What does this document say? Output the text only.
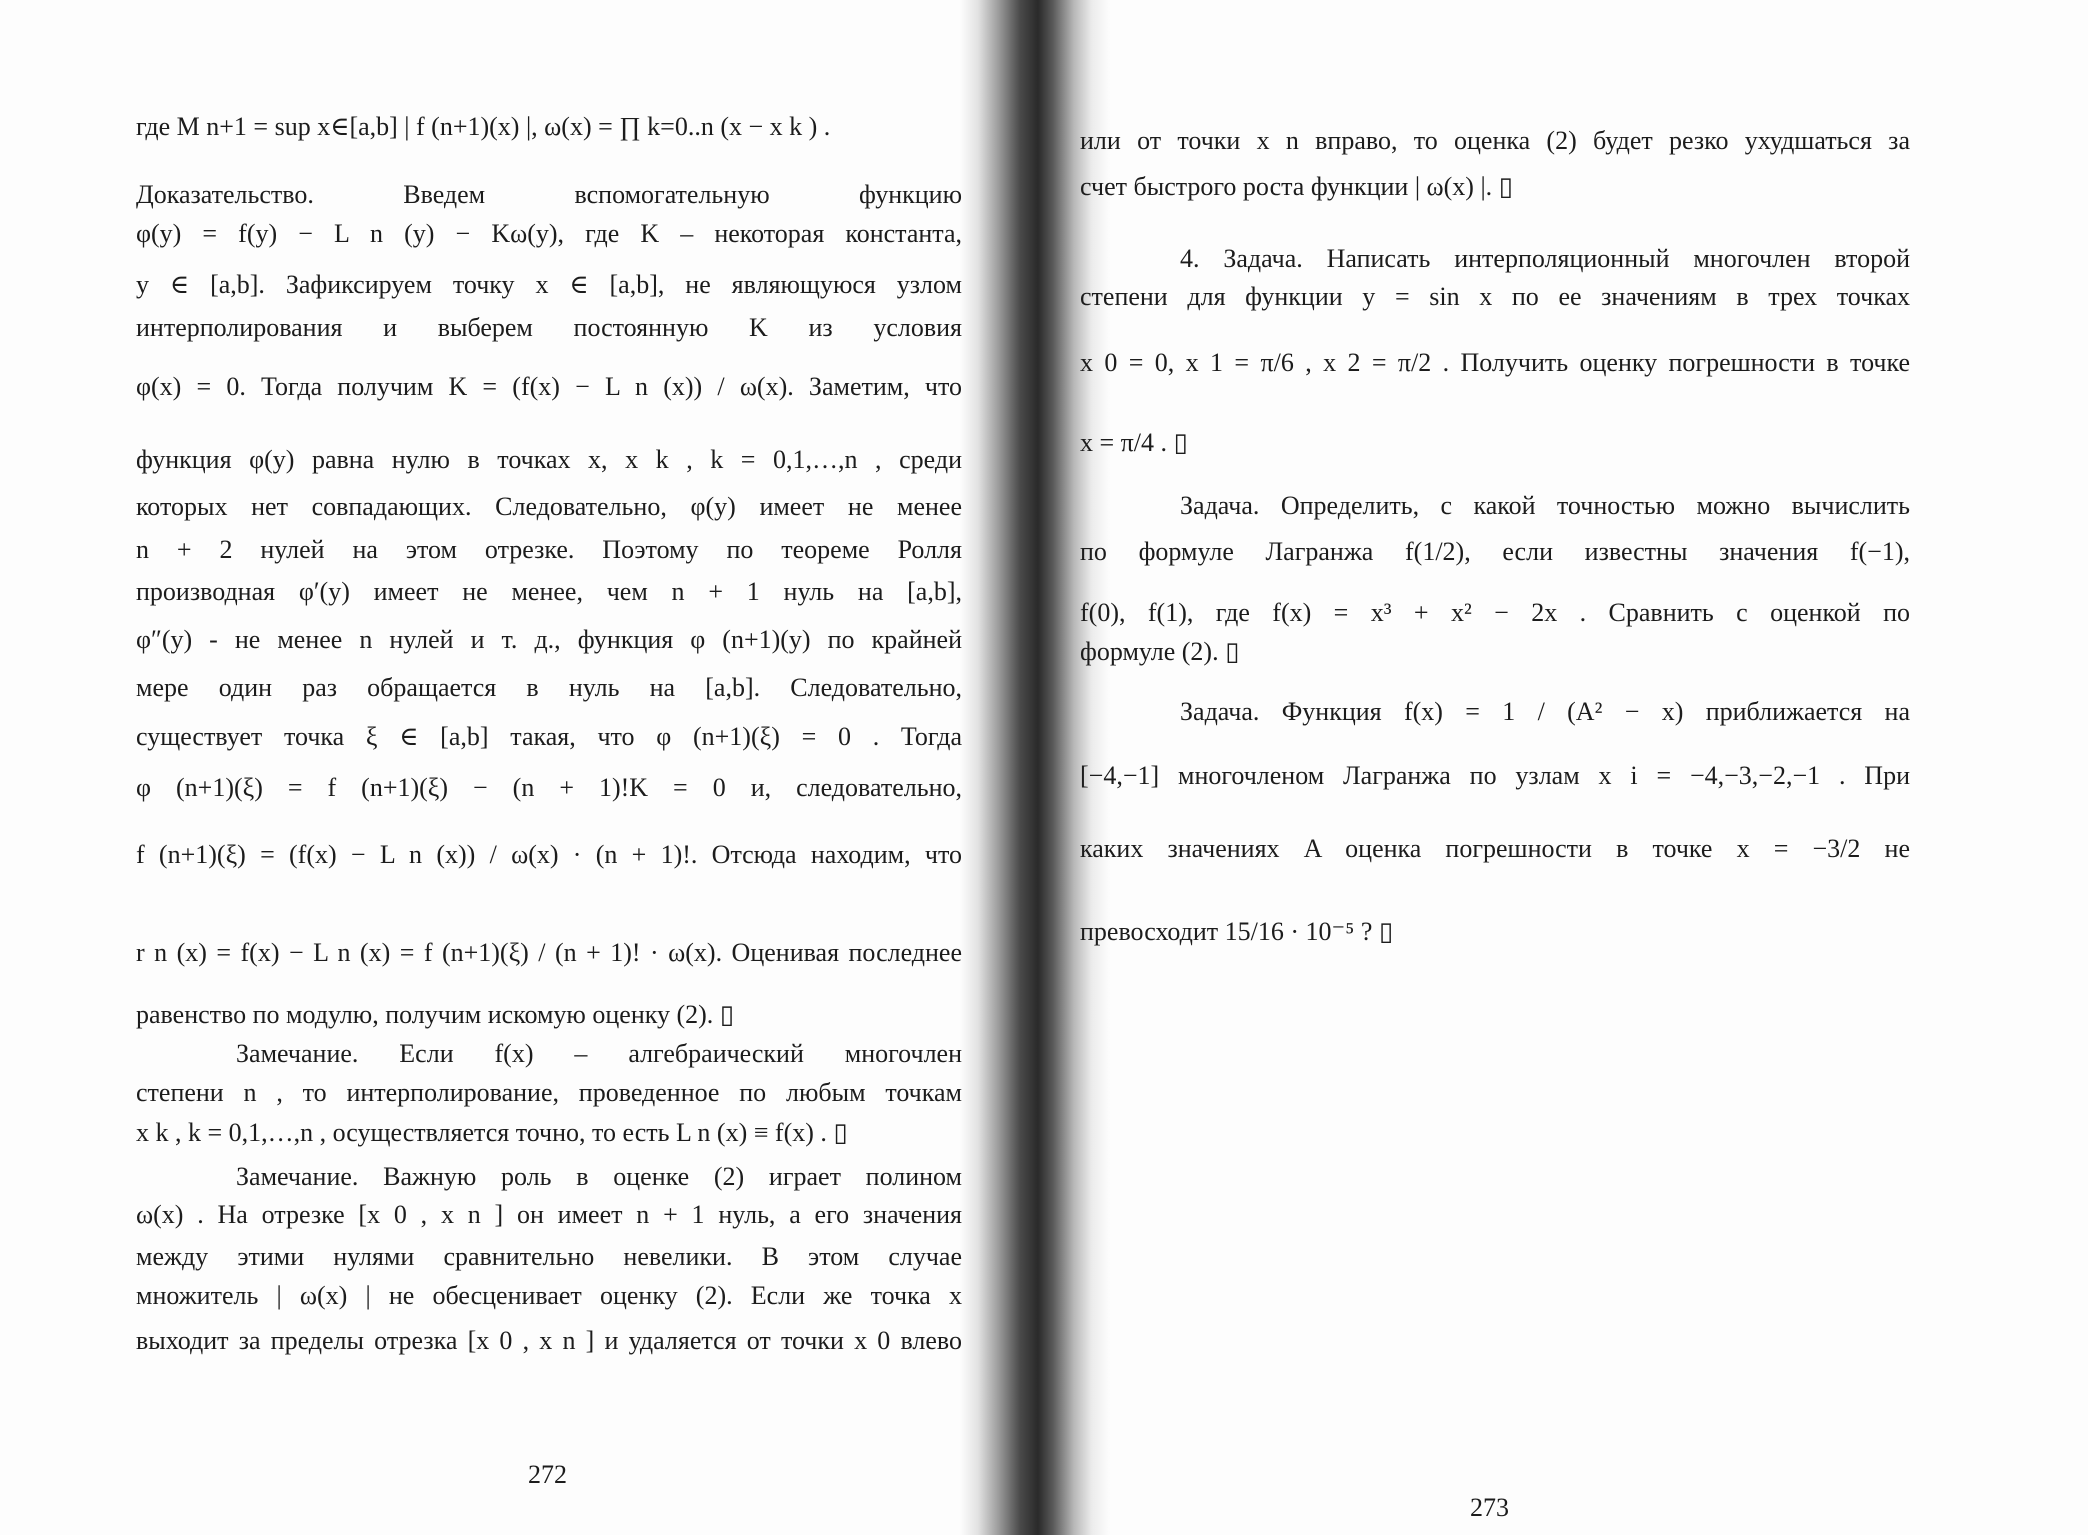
где M n+1 = sup x∈[a,b] | f (n+1)(x) |, ω(x) = ∏ k=0..n (x − x k ) .
Доказательство. Введем вспомогательную функцию
φ(y) = f(y) − L n (y) − Kω(y), где K – некоторая константа,
y ∈ [a,b]. Зафиксируем точку x ∈ [a,b], не являющуюся узлом
интерполирования и выберем постоянную K из условия
φ(x) = 0. Тогда получим K = (f(x) − L n (x)) / ω(x). Заметим, что
функция φ(y) равна нулю в точках x, x k , k = 0,1,…,n , среди
которых нет совпадающих. Следовательно, φ(y) имеет не менее
n + 2 нулей на этом отрезке. Поэтому по теореме Ролля
производная φ′(y) имеет не менее, чем n + 1 нуль на [a,b],
φ″(y) - не менее n нулей и т. д., функция φ (n+1)(y) по крайней
мере один раз обращается в нуль на [a,b]. Следовательно,
существует точка ξ ∈ [a,b] такая, что φ (n+1)(ξ) = 0 . Тогда
φ (n+1)(ξ) = f (n+1)(ξ) − (n + 1)!K = 0 и, следовательно,
f (n+1)(ξ) = (f(x) − L n (x)) / ω(x) · (n + 1)!. Отсюда находим, что
r n (x) = f(x) − L n (x) = f (n+1)(ξ) / (n + 1)! · ω(x). Оценивая последнее
равенство по модулю, получим искомую оценку (2). ▯
Замечание. Если f(x) – алгебраический многочлен
степени n , то интерполирование, проведенное по любым точкам
x k , k = 0,1,…,n , осуществляется точно, то есть L n (x) ≡ f(x) . ▯
Замечание. Важную роль в оценке (2) играет полином
ω(x) . На отрезке [x 0 , x n ] он имеет n + 1 нуль, а его значения
между этими нулями сравнительно невелики. В этом случае
множитель | ω(x) | не обесценивает оценку (2). Если же точка x
выходит за пределы отрезка [x 0 , x n ] и удаляется от точки x 0 влево
272
или от точки x n вправо, то оценка (2) будет резко ухудшаться за
счет быстрого роста функции | ω(x) |. ▯
4. Задача. Написать интерполяционный многочлен второй
степени для функции y = sin x по ее значениям в трех точках
x 0 = 0, x 1 = π/6 , x 2 = π/2 . Получить оценку погрешности в точке
x = π/4 . ▯
Задача. Определить, с какой точностью можно вычислить
по формуле Лагранжа f(1/2), если известны значения f(−1),
f(0), f(1), где f(x) = x³ + x² − 2x . Сравнить с оценкой по
формуле (2). ▯
Задача. Функция f(x) = 1 / (A² − x) приближается на
[−4,−1] многочленом Лагранжа по узлам x i = −4,−3,−2,−1 . При
каких значениях A оценка погрешности в точке x = −3/2 не
превосходит 15/16 · 10⁻⁵ ? ▯
273
